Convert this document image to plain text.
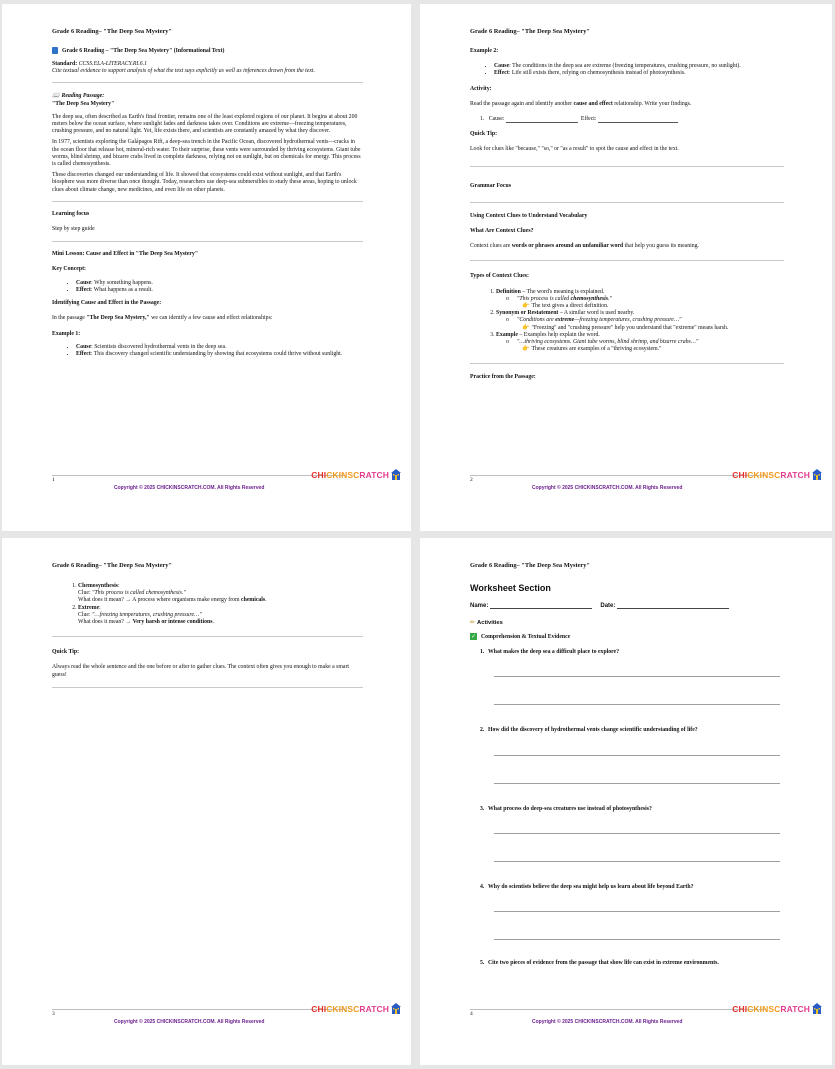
Grade 6 Reading– "The Deep Sea Mystery"

Grade 6 Reading – "The Deep Sea Mystery" (Informational Text)

Standard: CCSS.ELA-LITERACY.RI.6.1

Cite textual evidence to support analysis of what the text says explicitly as well as inferences drawn from the text.

📖 Reading Passage:

"The Deep Sea Mystery"

The deep sea, often described as Earth's final frontier, remains one of the least explored regions of our planet. It begins at about 200 meters below the ocean surface, where sunlight fades and darkness takes over. Conditions are extreme—freezing temperatures, crushing pressure, and no natural light. Yet, life exists there, and scientists are constantly amazed by what they discover.

In 1977, scientists exploring the Galápagos Rift, a deep-sea trench in the Pacific Ocean, discovered hydrothermal vents—cracks in the ocean floor that release hot, mineral-rich water. To their surprise, these vents were surrounded by thriving ecosystems. Giant tube worms, blind shrimp, and bizarre crabs lived in complete darkness, relying not on sunlight, but on chemicals for energy. This process is called chemosynthesis.

These discoveries changed our understanding of life. It showed that ecosystems could exist without sunlight, and that Earth's biosphere was more diverse than once thought. Today, researchers use deep-sea submersibles to study these areas, hoping to unlock clues about climate change, new medicines, and even life on other planets.

Learning focus

Step by step guide

Mini Lesson: Cause and Effect in "The Deep Sea Mystery"

Key Concept:

• Cause: Why something happens.
• Effect: What happens as a result.

Identifying Cause and Effect in the Passage:

In the passage "The Deep Sea Mystery," we can identify a few cause and effect relationships:

Example 1:

• Cause: Scientists discovered hydrothermal vents in the deep sea.
• Effect: This discovery changed scientific understanding by showing that ecosystems could thrive without sunlight.
1
Copyright © 2025 CHICKINSCRATCH.COM. All Rights Reserved
CHI CKINSC RATCH
Grade 6 Reading– "The Deep Sea Mystery"

Example 2:

• Cause: The conditions in the deep sea are extreme (freezing temperatures, crushing pressure, no sunlight).
• Effect: Life still exists there, relying on chemosynthesis instead of photosynthesis.

Activity:

Read the passage again and identify another cause and effect relationship. Write your findings.

1.   Cause:	Effect:

Quick Tip:

Look for clues like "because," "so," or "as a result" to spot the cause and effect in the text.

Grammar Focus

Using Context Clues to Understand Vocabulary

What Are Context Clues?

Context clues are words or phrases around an unfamiliar word that help you guess its meaning.

Types of Context Clues:

1. Definition – The word's meaning is explained.
o "This process is called chemosynthesis."
👉 The text gives a direct definition.
2. Synonym or Restatement – A similar word is used nearby.
o "Conditions are extreme—freezing temperatures, crushing pressure…"
👉 "Freezing" and "crushing pressure" help you understand that "extreme" means harsh.
3. Example – Examples help explain the word.
o "…thriving ecosystems. Giant tube worms, blind shrimp, and bizarre crabs…"
👉 These creatures are examples of a "thriving ecosystem."

Practice from the Passage:

2
Copyright © 2025 CHICKINSCRATCH.COM. All Rights Reserved
CHI CKINSC RATCH
Grade 6 Reading– "The Deep Sea Mystery"
1. Chemosynthesis:
Clue: "This process is called chemosynthesis."
What does it mean? → A process where organisms make energy from chemicals.
2. Extreme:
Clue: "…freezing temperatures, crushing pressure…"
What does it mean? → Very harsh or intense conditions.

Quick Tip:

Always read the whole sentence and the one before or after to gather clues. The context often gives you enough to make a smart guess!

3
Copyright © 2025 CHICKINSCRATCH.COM. All Rights Reserved
CHI CKINSC RATCH
Grade 6 Reading– "The Deep Sea Mystery"
Worksheet Section
Name:	Date:

✏ Activities

✓ Comprehension & Textual Evidence

1. What makes the deep sea a difficult place to explore?
2. How did the discovery of hydrothermal vents change scientific understanding of life?
3. What process do deep-sea creatures use instead of photosynthesis?
4. Why do scientists believe the deep sea might help us learn about life beyond Earth?
5. Cite two pieces of evidence from the passage that show life can exist in extreme environments.
4
Copyright © 2025 CHICKINSCRATCH.COM. All Rights Reserved
CHI CKINSC RATCH
